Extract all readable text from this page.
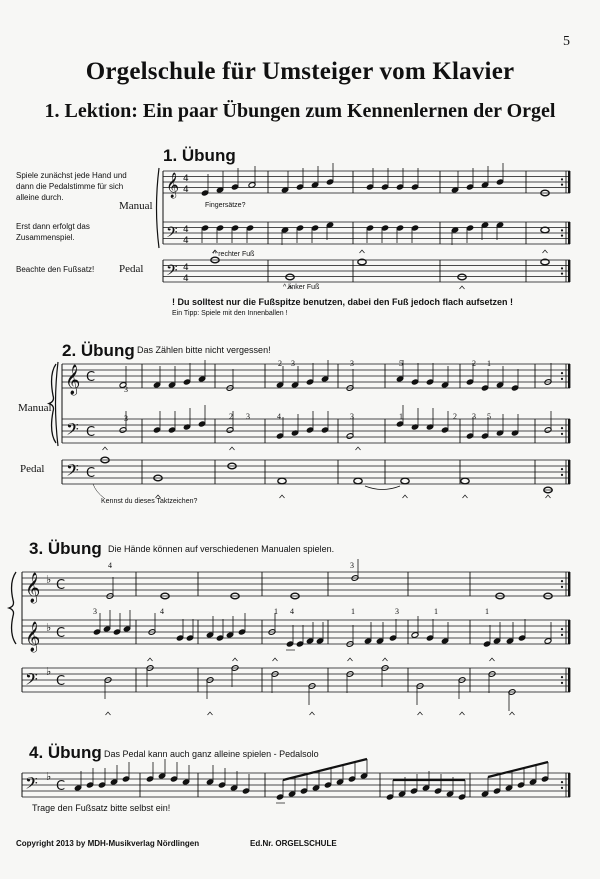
5
Orgelschule für Umsteiger vom Klavier
1. Lektion: Ein paar Übungen zum Kennenlernen der Orgel
1. Übung
Spiele zunächst jede Hand und dann die Pedalstimme für sich alleine durch.
Erst dann erfolgt das Zusammenspiel.
Beachte den Fußsatz!
Manual
Pedal
Fingersätze?
^ rechter Fuß
^ linker Fuß
! Du solltest nur die Fußspitze benutzen, dabei den Fuß jedoch flach aufsetzen !
Ein Tipp: Spiele mit den Innenballen !
2. Übung Das Zählen bitte nicht vergessen!
Manual
Pedal
Kennst du dieses Taktzeichen?
3. Übung Die Hände können auf verschiedenen Manualen spielen.
4. Übung Das Pedal kann auch ganz alleine spielen - Pedalsolo
Trage den Fußsatz bitte selbst ein!
Copyright 2013 by MDH-Musikverlag Nördlingen	Ed.Nr. ORGELSCHULE
𝄞
𝄢
𝄢
4
4
4
4
4
4
𝄞
𝄢
𝄢
C
C
C
𝄞
𝄞
𝄢
♭
♭
♭
C
C
C
𝄢 ♭
C
3
2 3	3	5	2 1
3	2 3	4	3	1	2 3 5
4	3
3	4	1 4	1	3	1	1
